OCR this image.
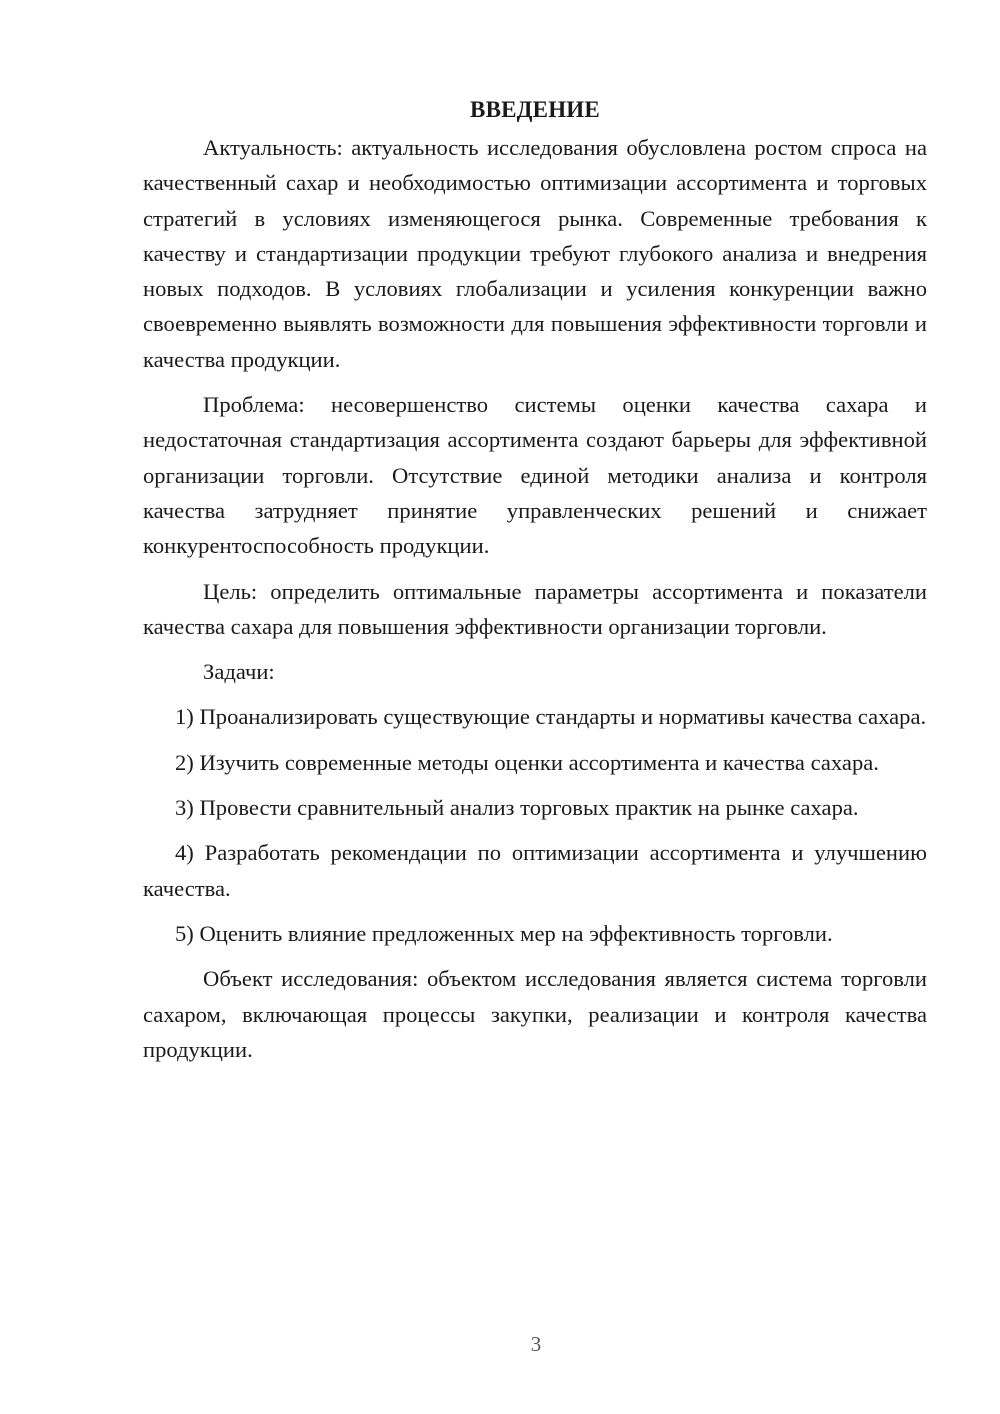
ВВЕДЕНИЕ

Актуальность: актуальность исследования обусловлена ростом спроса на качественный сахар и необходимостью оптимизации ассортимента и торговых стратегий в условиях изменяющегося рынка. Современные требования к качеству и стандартизации продукции требуют глубокого анализа и внедрения новых подходов. В условиях глобализации и усиления конкуренции важно своевременно выявлять возможности для повышения эффективности торговли и качества продукции.

Проблема: несовершенство системы оценки качества сахара и недостаточная стандартизация ассортимента создают барьеры для эффективной организации торговли. Отсутствие единой методики анализа и контроля качества затрудняет принятие управленческих решений и снижает конкурентоспособность продукции.

Цель: определить оптимальные параметры ассортимента и показатели качества сахара для повышения эффективности организации торговли.

Задачи:

1) Проанализировать существующие стандарты и нормативы качества сахара.

2) Изучить современные методы оценки ассортимента и качества сахара.

3) Провести сравнительный анализ торговых практик на рынке сахара.

4) Разработать рекомендации по оптимизации ассортимента и улучшению качества.

5) Оценить влияние предложенных мер на эффективность торговли.

Объект исследования: объектом исследования является система торговли сахаром, включающая процессы закупки, реализации и контроля качества продукции.

3
